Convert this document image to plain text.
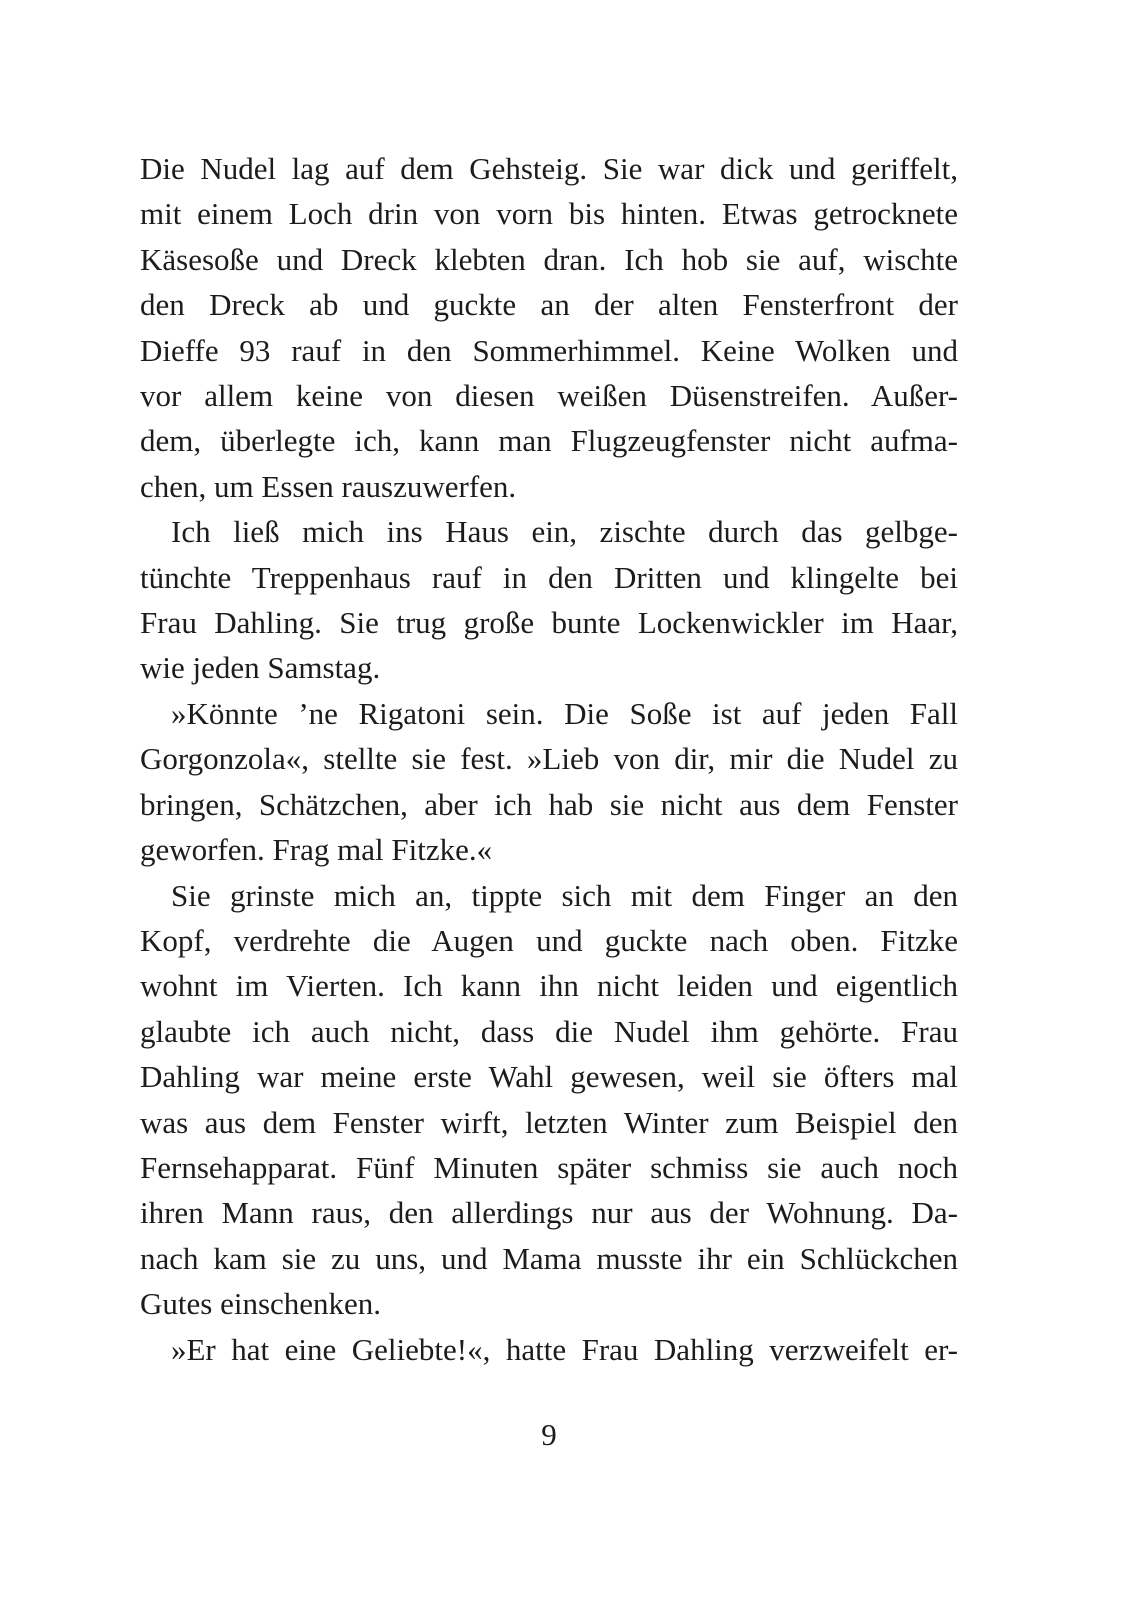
Die Nudel lag auf dem Gehsteig. Sie war dick und geriffelt,
mit einem Loch drin von vorn bis hinten. Etwas getrocknete
Käsesoße und Dreck klebten dran. Ich hob sie auf, wischte
den Dreck ab und guckte an der alten Fensterfront der
Dieffe 93 rauf in den Sommerhimmel. Keine Wolken und
vor allem keine von diesen weißen Düsenstreifen. Außer-
dem, überlegte ich, kann man Flugzeugfenster nicht aufma-
chen, um Essen rauszuwerfen.
Ich ließ mich ins Haus ein, zischte durch das gelbge-
tünchte Treppenhaus rauf in den Dritten und klingelte bei
Frau Dahling. Sie trug große bunte Lockenwickler im Haar,
wie jeden Samstag.
»Könnte ’ne Rigatoni sein. Die Soße ist auf jeden Fall
Gorgonzola«, stellte sie fest. »Lieb von dir, mir die Nudel zu
bringen, Schätzchen, aber ich hab sie nicht aus dem Fenster
geworfen. Frag mal Fitzke.«
Sie grinste mich an, tippte sich mit dem Finger an den
Kopf, verdrehte die Augen und guckte nach oben. Fitzke
wohnt im Vierten. Ich kann ihn nicht leiden und eigentlich
glaubte ich auch nicht, dass die Nudel ihm gehörte. Frau
Dahling war meine erste Wahl gewesen, weil sie öfters mal
was aus dem Fenster wirft, letzten Winter zum Beispiel den
Fernsehapparat. Fünf Minuten später schmiss sie auch noch
ihren Mann raus, den allerdings nur aus der Wohnung. Da-
nach kam sie zu uns, und Mama musste ihr ein Schlückchen
Gutes einschenken.
»Er hat eine Geliebte!«, hatte Frau Dahling verzweifelt er-
9
